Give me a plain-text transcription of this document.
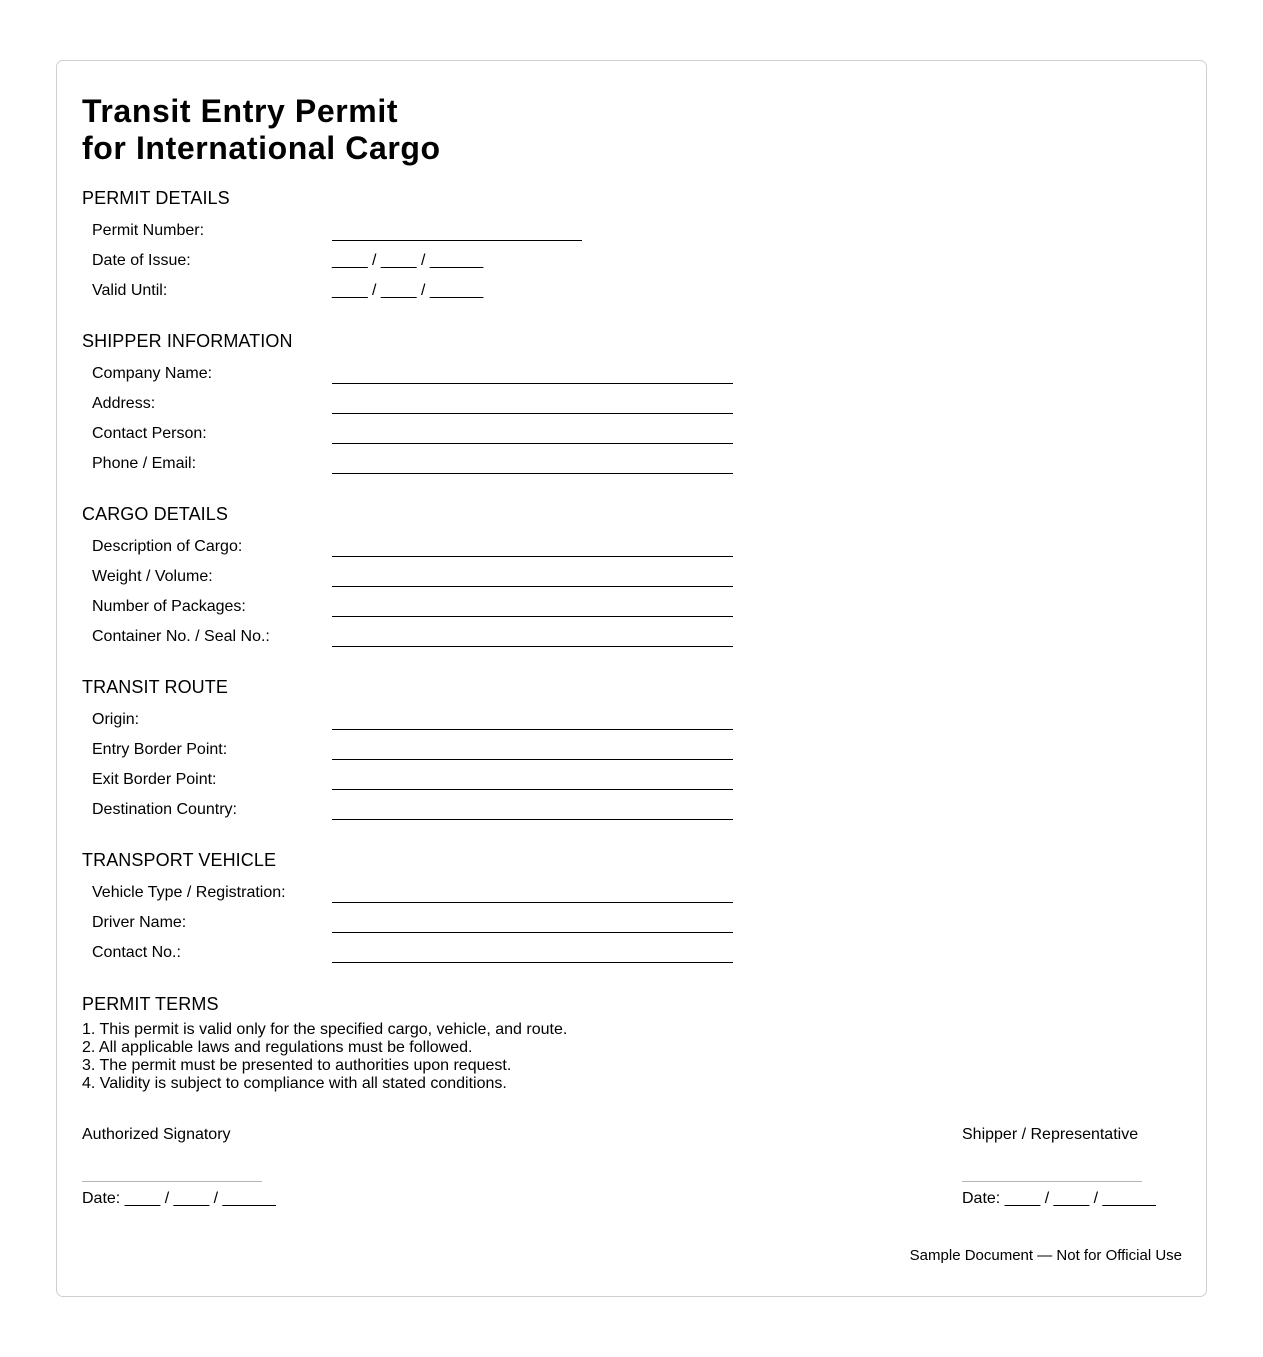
Transit Entry Permit
for International Cargo
PERMIT DETAILS
Permit Number:
Date of Issue:	____ / ____ / ______
Valid Until:	____ / ____ / ______
SHIPPER INFORMATION
Company Name:
Address:
Contact Person:
Phone / Email:
CARGO DETAILS
Description of Cargo:
Weight / Volume:
Number of Packages:
Container No. / Seal No.:
TRANSIT ROUTE
Origin:
Entry Border Point:
Exit Border Point:
Destination Country:
TRANSPORT VEHICLE
Vehicle Type / Registration:
Driver Name:
Contact No.:
PERMIT TERMS
1. This permit is valid only for the specified cargo, vehicle, and route.
2. All applicable laws and regulations must be followed.
3. The permit must be presented to authorities upon request.
4. Validity is subject to compliance with all stated conditions.
Authorized Signatory
Date: ____ / ____ / ______
Shipper / Representative
Date: ____ / ____ / ______
Sample Document — Not for Official Use
